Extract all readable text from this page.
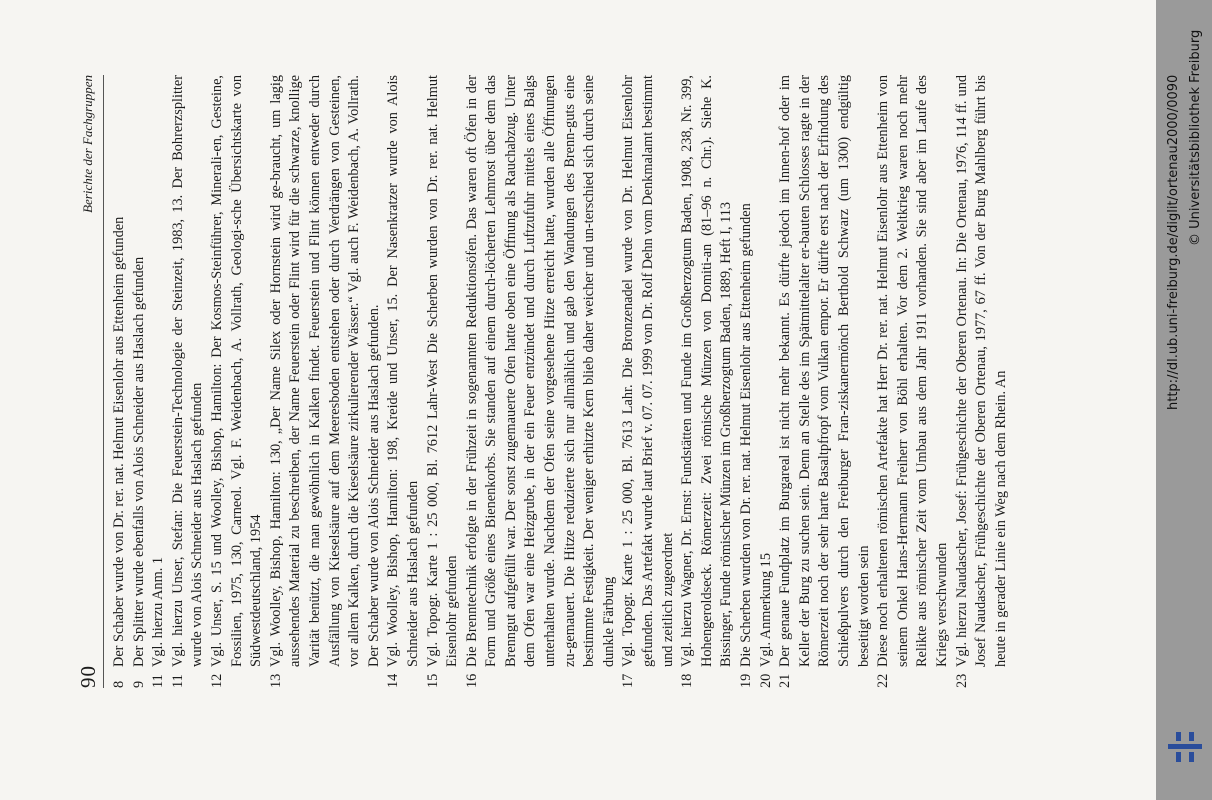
90
Berichte der Fachgruppen
8
Der Schaber wurde von Dr. rer. nat. Helmut Eisenlohr aus Ettenheim gefunden
9
Der Splitter wurde ebenfalls von Alois Schneider aus Haslach gefunden
11
Vgl. hierzu Anm. 1
11
Vgl. hierzu Unser, Stefan: Die Feuerstein-Technologie der Steinzeit, 1983, 13. Der Bohrerzsplitter wurde von Alois Schneider aus Haslach gefunden
12
Vgl. Unser, S. 15 und Woolley, Bishop, Hamilton: Der Kosmos-Steinführer, Minerali-en, Gesteine, Fossilien, 1975, 130, Carneol. Vgl. F. Weidenbach, A. Vollrath, Geologi-sche Übersichtskarte von Südwestdeutschland, 1954
13
Vgl. Woolley, Bishop, Hamilton: 130, „Der Name Silex oder Hornstein wird ge-braucht, um lagig aussehendes Material zu beschreiben, der Name Feuerstein oder Flint wird für die schwarze, knollige Varität benützt, die man gewöhnlich in Kalken findet. Feuerstein und Flint können entweder durch Ausfällung von Kieselsäure auf dem Meeresboden entstehen oder durch Verdrängen von Gesteinen, vor allem Kalken, durch die Kieselsäure zirkulierender Wässer.“ Vgl. auch F. Weidenbach, A. Vollrath. Der Schaber wurde von Alois Schneider aus Haslach gefunden.
14
Vgl. Woolley, Bishop, Hamilton: 198, Kreide und Unser, 15. Der Nasenkratzer wurde von Alois Schneider aus Haslach gefunden
15
Vgl. Topogr. Karte 1 : 25 000, Bl. 7612 Lahr-West Die Scherben wurden von Dr. rer. nat. Helmut Eisenlohr gefunden
16
Die Brenntechnik erfolgte in der Frühzeit in sogenannten Reduktionsöfen. Das waren oft Öfen in der Form und Größe eines Bienenkorbs. Sie standen auf einem durch-löcherten Lehmrost über dem das Brenngut aufgefüllt war. Der sonst zugemauerte Ofen hatte oben eine Öffnung als Rauchabzug. Unter dem Ofen war eine Heizgrube, in der ein Feuer entzündet und durch Luftzufuhr mittels eines Balgs unterhalten wurde. Nachdem der Ofen seine vorgesehene Hitze erreicht hatte, wurden alle Öffnungen zu-gemauert. Die Hitze reduzierte sich nur allmählich und gab den Wandungen des Brenn-guts eine bestimmte Festigkeit. Der weniger erhitzte Kern blieb daher weicher und un-terschied sich durch seine dunkle Färbung
17
Vgl. Topogr. Karte 1 : 25 000, Bl. 7613 Lahr. Die Bronzenadel wurde von Dr. Helmut Eisenlohr gefunden. Das Artefakt wurde laut Brief v. 07. 07. 1999 von Dr. Rolf Dehn vom Denkmalamt bestimmt und zeitlich zugeordnet
18
Vgl. hierzu Wagner, Dr. Ernst: Fundstätten und Funde im Großherzogtum Baden, 1908, 238, Nr. 399, Hohengeroldseck. Römerzeit: Zwei römische Münzen von Domiti-an (81–96 n. Chr.). Siehe K. Bissinger, Funde römischer Münzen im Großherzogtum Baden, 1889, Heft I, 113
19
Die Scherben wurden von Dr. rer. nat. Helmut Eisenlohr aus Ettenheim gefunden
20
Vgl. Anmerkung 15
21
Der genaue Fundplatz im Burgareal ist nicht mehr bekannt. Es dürfte jedoch im Innen-hof oder im Keller der Burg zu suchen sein. Denn an Stelle des im Spätmittelalter er-bauten Schlosses ragte in der Römerzeit noch der sehr harte Basaltpfropf vom Vulkan empor. Er dürfte erst nach der Erfindung des Schießpulvers durch den Freiburger Fran-ziskanermönch Berthold Schwarz (um 1300) endgültig beseitigt worden sein
22
Diese noch erhaltenen römischen Artefakte hat Herr Dr. rer. nat. Helmut Eisenlohr aus Ettenheim von seinem Onkel Hans-Hermann Freiherr von Böhl erhalten. Vor dem 2. Weltkrieg waren noch mehr Relikte aus römischer Zeit vom Umbau aus dem Jahr 1911 vorhanden. Sie sind aber im Laufe des Kriegs verschwunden
23
Vgl. hierzu Naudascher, Josef: Frühgeschichte der Oberen Ortenau. In: Die Ortenau, 1976, 114 ff. und Josef Naudascher, Frühgeschichte der Oberen Ortenau, 1977, 67 ff. Von der Burg Mahlberg führt bis heute in gerader Linie ein Weg nach dem Rhein. An
http://dl.ub.uni-freiburg.de/diglit/ortenau2000/0090 © Universitätsbibliothek Freiburg
